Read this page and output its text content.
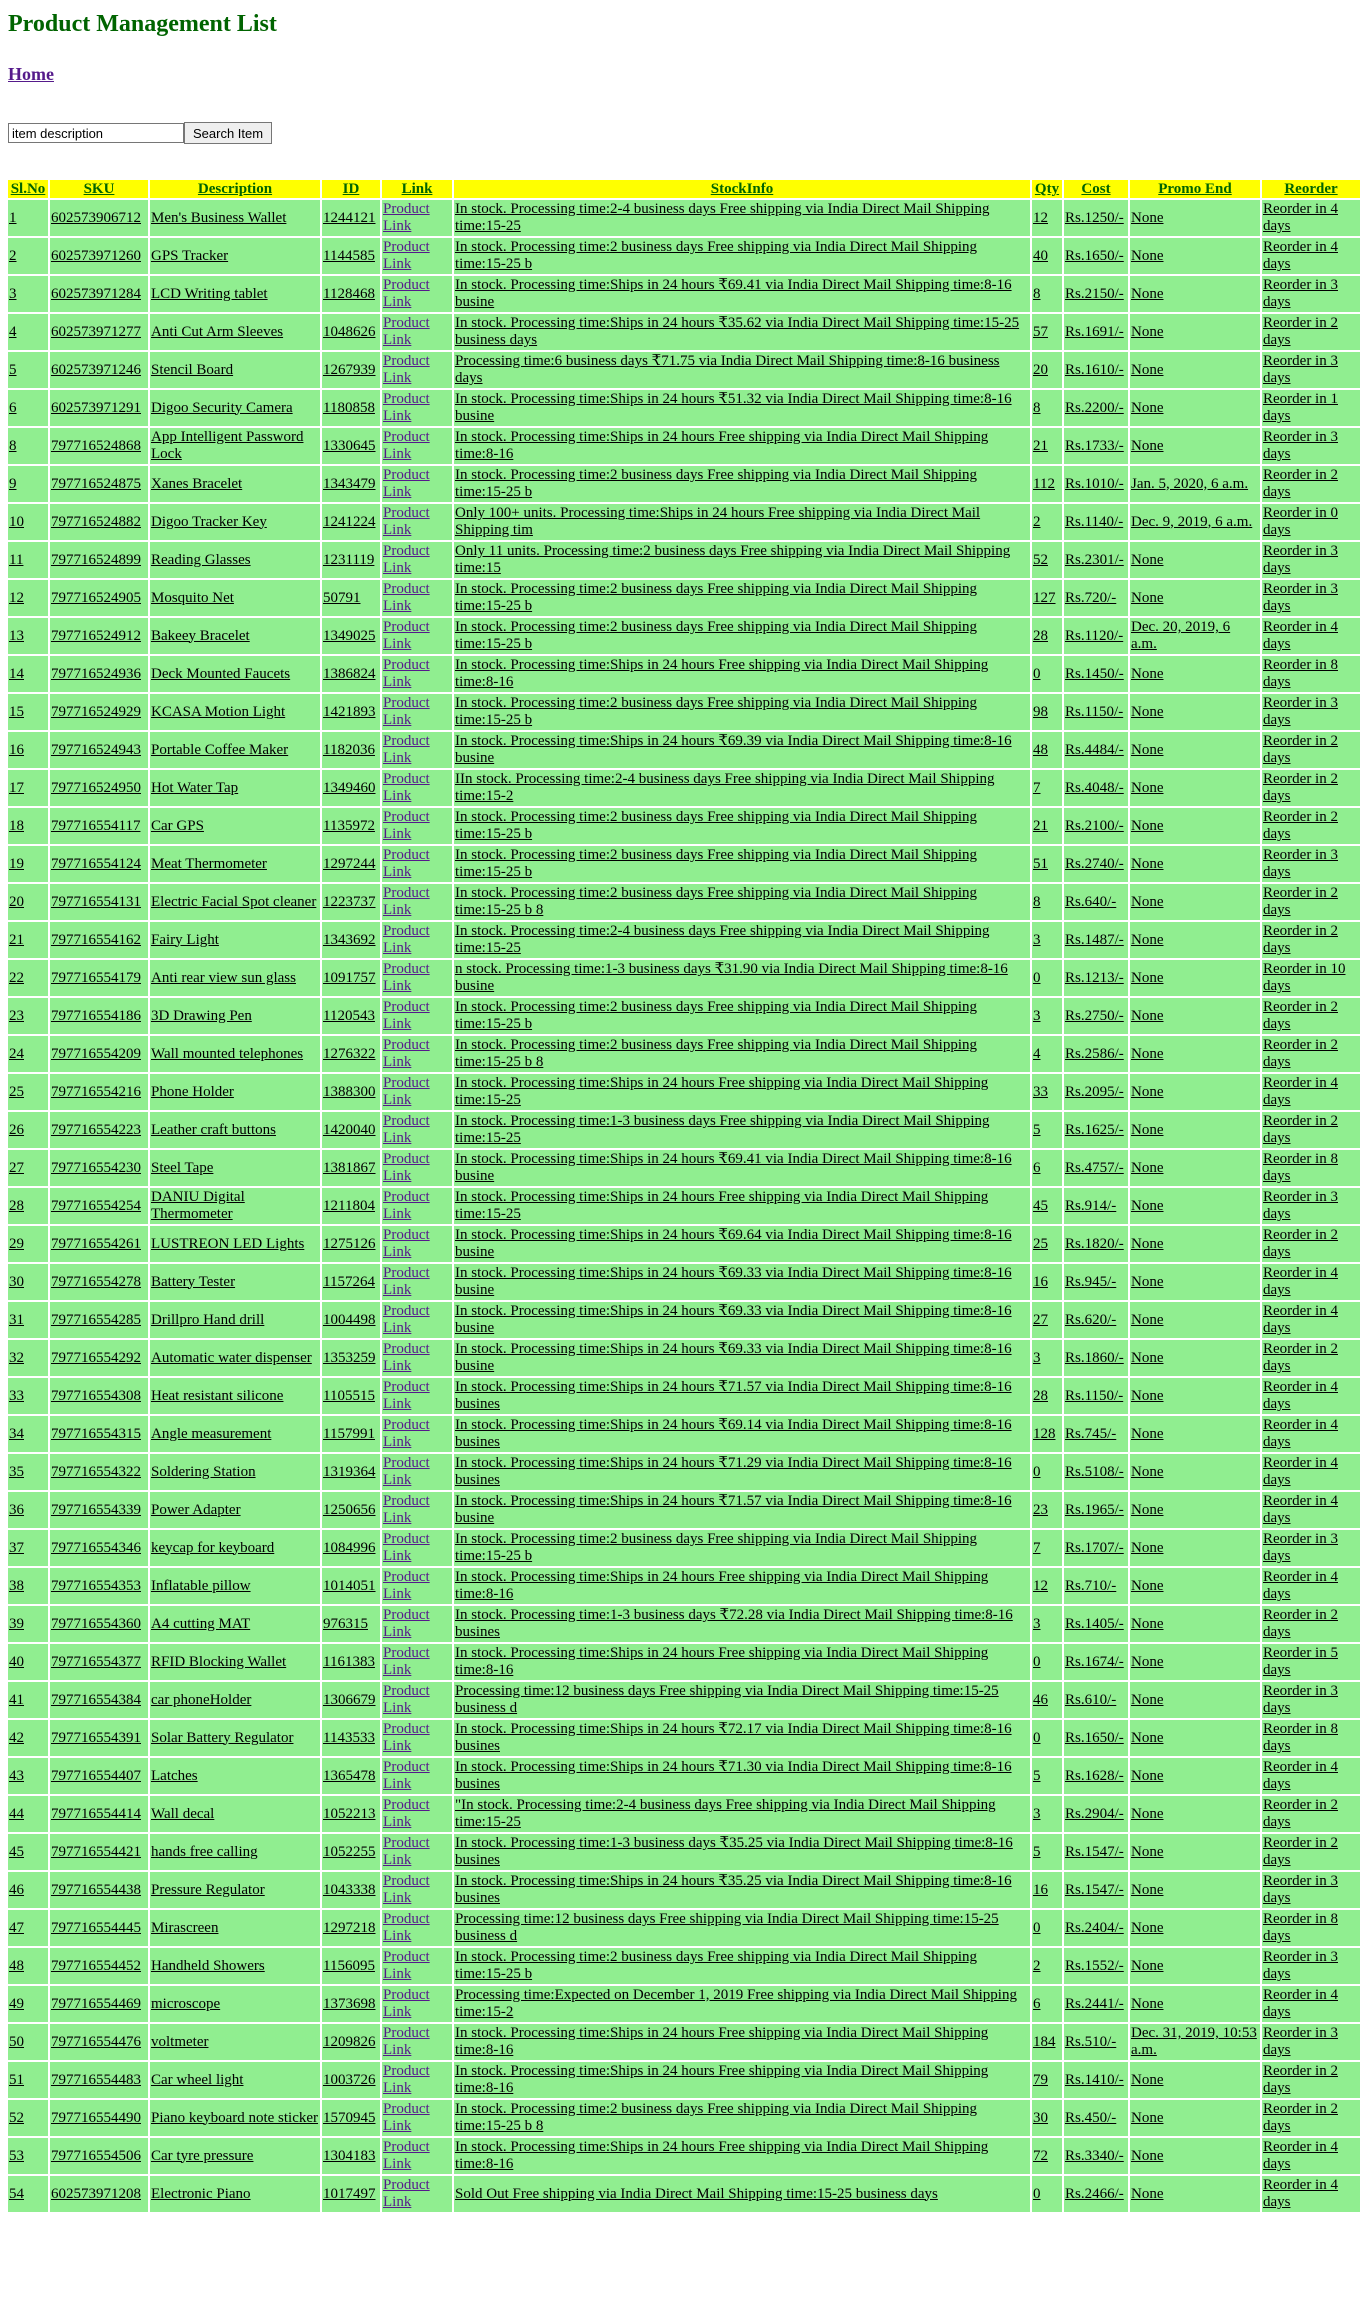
Product Management List
Home
item description
Search Item
Sl.No	SKU	Description	ID	Link	StockInfo	Qty	Cost	Promo End	Reorder
1	602573906712	Men's Business Wallet	1244121	Product Link	In stock. Processing time:2-4 business days Free shipping via India Direct Mail Shipping time:15-25	12	Rs.1250/-	None	Reorder in 4 days
2	602573971260	GPS Tracker	1144585	Product Link	In stock. Processing time:2 business days Free shipping via India Direct Mail Shipping time:15-25 b	40	Rs.1650/-	None	Reorder in 4 days
3	602573971284	LCD Writing tablet	1128468	Product Link	In stock. Processing time:Ships in 24 hours ₹69.41 via India Direct Mail Shipping time:8-16 busine	8	Rs.2150/-	None	Reorder in 3 days
4	602573971277	Anti Cut Arm Sleeves	1048626	Product Link	In stock. Processing time:Ships in 24 hours ₹35.62 via India Direct Mail Shipping time:15-25 business days	57	Rs.1691/-	None	Reorder in 2 days
5	602573971246	Stencil Board	1267939	Product Link	Processing time:6 business days ₹71.75 via India Direct Mail Shipping time:8-16 business days	20	Rs.1610/-	None	Reorder in 3 days
6	602573971291	Digoo Security Camera	1180858	Product Link	In stock. Processing time:Ships in 24 hours ₹51.32 via India Direct Mail Shipping time:8-16 busine	8	Rs.2200/-	None	Reorder in 1 days
8	797716524868	App Intelligent Password Lock	1330645	Product Link	In stock. Processing time:Ships in 24 hours Free shipping via India Direct Mail Shipping time:8-16	21	Rs.1733/-	None	Reorder in 3 days
9	797716524875	Xanes Bracelet	1343479	Product Link	In stock. Processing time:2 business days Free shipping via India Direct Mail Shipping time:15-25 b	112	Rs.1010/-	Jan. 5, 2020, 6 a.m.	Reorder in 2 days
10	797716524882	Digoo Tracker Key	1241224	Product Link	Only 100+ units. Processing time:Ships in 24 hours Free shipping via India Direct Mail Shipping tim	2	Rs.1140/-	Dec. 9, 2019, 6 a.m.	Reorder in 0 days
11	797716524899	Reading Glasses	1231119	Product Link	Only 11 units. Processing time:2 business days Free shipping via India Direct Mail Shipping time:15	52	Rs.2301/-	None	Reorder in 3 days
12	797716524905	Mosquito Net	50791	Product Link	In stock. Processing time:2 business days Free shipping via India Direct Mail Shipping time:15-25 b	127	Rs.720/-	None	Reorder in 3 days
13	797716524912	Bakeey Bracelet	1349025	Product Link	In stock. Processing time:2 business days Free shipping via India Direct Mail Shipping time:15-25 b	28	Rs.1120/-	Dec. 20, 2019, 6 a.m.	Reorder in 4 days
14	797716524936	Deck Mounted Faucets	1386824	Product Link	In stock. Processing time:Ships in 24 hours Free shipping via India Direct Mail Shipping time:8-16	0	Rs.1450/-	None	Reorder in 8 days
15	797716524929	KCASA Motion Light	1421893	Product Link	In stock. Processing time:2 business days Free shipping via India Direct Mail Shipping time:15-25 b	98	Rs.1150/-	None	Reorder in 3 days
16	797716524943	Portable Coffee Maker	1182036	Product Link	In stock. Processing time:Ships in 24 hours ₹69.39 via India Direct Mail Shipping time:8-16 busine	48	Rs.4484/-	None	Reorder in 2 days
17	797716524950	Hot Water Tap	1349460	Product Link	IIn stock. Processing time:2-4 business days Free shipping via India Direct Mail Shipping time:15-2	7	Rs.4048/-	None	Reorder in 2 days
18	797716554117	Car GPS	1135972	Product Link	In stock. Processing time:2 business days Free shipping via India Direct Mail Shipping time:15-25 b	21	Rs.2100/-	None	Reorder in 2 days
19	797716554124	Meat Thermometer	1297244	Product Link	In stock. Processing time:2 business days Free shipping via India Direct Mail Shipping time:15-25 b	51	Rs.2740/-	None	Reorder in 3 days
20	797716554131	Electric Facial Spot cleaner	1223737	Product Link	In stock. Processing time:2 business days Free shipping via India Direct Mail Shipping time:15-25 b 8	8	Rs.640/-	None	Reorder in 2 days
21	797716554162	Fairy Light	1343692	Product Link	In stock. Processing time:2-4 business days Free shipping via India Direct Mail Shipping time:15-25	3	Rs.1487/-	None	Reorder in 2 days
22	797716554179	Anti rear view sun glass	1091757	Product Link	n stock. Processing time:1-3 business days ₹31.90 via India Direct Mail Shipping time:8-16 busine	0	Rs.1213/-	None	Reorder in 10 days
23	797716554186	3D Drawing Pen	1120543	Product Link	In stock. Processing time:2 business days Free shipping via India Direct Mail Shipping time:15-25 b	3	Rs.2750/-	None	Reorder in 2 days
24	797716554209	Wall mounted telephones	1276322	Product Link	In stock. Processing time:2 business days Free shipping via India Direct Mail Shipping time:15-25 b 8	4	Rs.2586/-	None	Reorder in 2 days
25	797716554216	Phone Holder	1388300	Product Link	In stock. Processing time:Ships in 24 hours Free shipping via India Direct Mail Shipping time:15-25	33	Rs.2095/-	None	Reorder in 4 days
26	797716554223	Leather craft buttons	1420040	Product Link	In stock. Processing time:1-3 business days Free shipping via India Direct Mail Shipping time:15-25	5	Rs.1625/-	None	Reorder in 2 days
27	797716554230	Steel Tape	1381867	Product Link	In stock. Processing time:Ships in 24 hours ₹69.41 via India Direct Mail Shipping time:8-16 busine	6	Rs.4757/-	None	Reorder in 8 days
28	797716554254	DANIU Digital Thermometer	1211804	Product Link	In stock. Processing time:Ships in 24 hours Free shipping via India Direct Mail Shipping time:15-25	45	Rs.914/-	None	Reorder in 3 days
29	797716554261	LUSTREON LED Lights	1275126	Product Link	In stock. Processing time:Ships in 24 hours ₹69.64 via India Direct Mail Shipping time:8-16 busine	25	Rs.1820/-	None	Reorder in 2 days
30	797716554278	Battery Tester	1157264	Product Link	In stock. Processing time:Ships in 24 hours ₹69.33 via India Direct Mail Shipping time:8-16 busine	16	Rs.945/-	None	Reorder in 4 days
31	797716554285	Drillpro Hand drill	1004498	Product Link	In stock. Processing time:Ships in 24 hours ₹69.33 via India Direct Mail Shipping time:8-16 busine	27	Rs.620/-	None	Reorder in 4 days
32	797716554292	Automatic water dispenser	1353259	Product Link	In stock. Processing time:Ships in 24 hours ₹69.33 via India Direct Mail Shipping time:8-16 busine	3	Rs.1860/-	None	Reorder in 2 days
33	797716554308	Heat resistant silicone	1105515	Product Link	In stock. Processing time:Ships in 24 hours ₹71.57 via India Direct Mail Shipping time:8-16 busines	28	Rs.1150/-	None	Reorder in 4 days
34	797716554315	Angle measurement	1157991	Product Link	In stock. Processing time:Ships in 24 hours ₹69.14 via India Direct Mail Shipping time:8-16 busines	128	Rs.745/-	None	Reorder in 4 days
35	797716554322	Soldering Station	1319364	Product Link	In stock. Processing time:Ships in 24 hours ₹71.29 via India Direct Mail Shipping time:8-16 busines	0	Rs.5108/-	None	Reorder in 4 days
36	797716554339	Power Adapter	1250656	Product Link	In stock. Processing time:Ships in 24 hours ₹71.57 via India Direct Mail Shipping time:8-16 busine	23	Rs.1965/-	None	Reorder in 4 days
37	797716554346	keycap for keyboard	1084996	Product Link	In stock. Processing time:2 business days Free shipping via India Direct Mail Shipping time:15-25 b	7	Rs.1707/-	None	Reorder in 3 days
38	797716554353	Inflatable pillow	1014051	Product Link	In stock. Processing time:Ships in 24 hours Free shipping via India Direct Mail Shipping time:8-16	12	Rs.710/-	None	Reorder in 4 days
39	797716554360	A4 cutting MAT	976315	Product Link	In stock. Processing time:1-3 business days ₹72.28 via India Direct Mail Shipping time:8-16 busines	3	Rs.1405/-	None	Reorder in 2 days
40	797716554377	RFID Blocking Wallet	1161383	Product Link	In stock. Processing time:Ships in 24 hours Free shipping via India Direct Mail Shipping time:8-16	0	Rs.1674/-	None	Reorder in 5 days
41	797716554384	car phoneHolder	1306679	Product Link	Processing time:12 business days Free shipping via India Direct Mail Shipping time:15-25 business d	46	Rs.610/-	None	Reorder in 3 days
42	797716554391	Solar Battery Regulator	1143533	Product Link	In stock. Processing time:Ships in 24 hours ₹72.17 via India Direct Mail Shipping time:8-16 busines	0	Rs.1650/-	None	Reorder in 8 days
43	797716554407	Latches	1365478	Product Link	In stock. Processing time:Ships in 24 hours ₹71.30 via India Direct Mail Shipping time:8-16 busines	5	Rs.1628/-	None	Reorder in 4 days
44	797716554414	Wall decal	1052213	Product Link	"In stock. Processing time:2-4 business days Free shipping via India Direct Mail Shipping time:15-25	3	Rs.2904/-	None	Reorder in 2 days
45	797716554421	hands free calling	1052255	Product Link	In stock. Processing time:1-3 business days ₹35.25 via India Direct Mail Shipping time:8-16 busines	5	Rs.1547/-	None	Reorder in 2 days
46	797716554438	Pressure Regulator	1043338	Product Link	In stock. Processing time:Ships in 24 hours ₹35.25 via India Direct Mail Shipping time:8-16 busines	16	Rs.1547/-	None	Reorder in 3 days
47	797716554445	Mirascreen	1297218	Product Link	Processing time:12 business days Free shipping via India Direct Mail Shipping time:15-25 business d	0	Rs.2404/-	None	Reorder in 8 days
48	797716554452	Handheld Showers	1156095	Product Link	In stock. Processing time:2 business days Free shipping via India Direct Mail Shipping time:15-25 b	2	Rs.1552/-	None	Reorder in 3 days
49	797716554469	microscope	1373698	Product Link	Processing time:Expected on December 1, 2019 Free shipping via India Direct Mail Shipping time:15-2	6	Rs.2441/-	None	Reorder in 4 days
50	797716554476	voltmeter	1209826	Product Link	In stock. Processing time:Ships in 24 hours Free shipping via India Direct Mail Shipping time:8-16	184	Rs.510/-	Dec. 31, 2019, 10:53 a.m.	Reorder in 3 days
51	797716554483	Car wheel light	1003726	Product Link	In stock. Processing time:Ships in 24 hours Free shipping via India Direct Mail Shipping time:8-16	79	Rs.1410/-	None	Reorder in 2 days
52	797716554490	Piano keyboard note sticker	1570945	Product Link	In stock. Processing time:2 business days Free shipping via India Direct Mail Shipping time:15-25 b 8	30	Rs.450/-	None	Reorder in 2 days
53	797716554506	Car tyre pressure	1304183	Product Link	In stock. Processing time:Ships in 24 hours Free shipping via India Direct Mail Shipping time:8-16	72	Rs.3340/-	None	Reorder in 4 days
54	602573971208	Electronic Piano	1017497	Product Link	Sold Out Free shipping via India Direct Mail Shipping time:15-25 business days	0	Rs.2466/-	None	Reorder in 4 days
